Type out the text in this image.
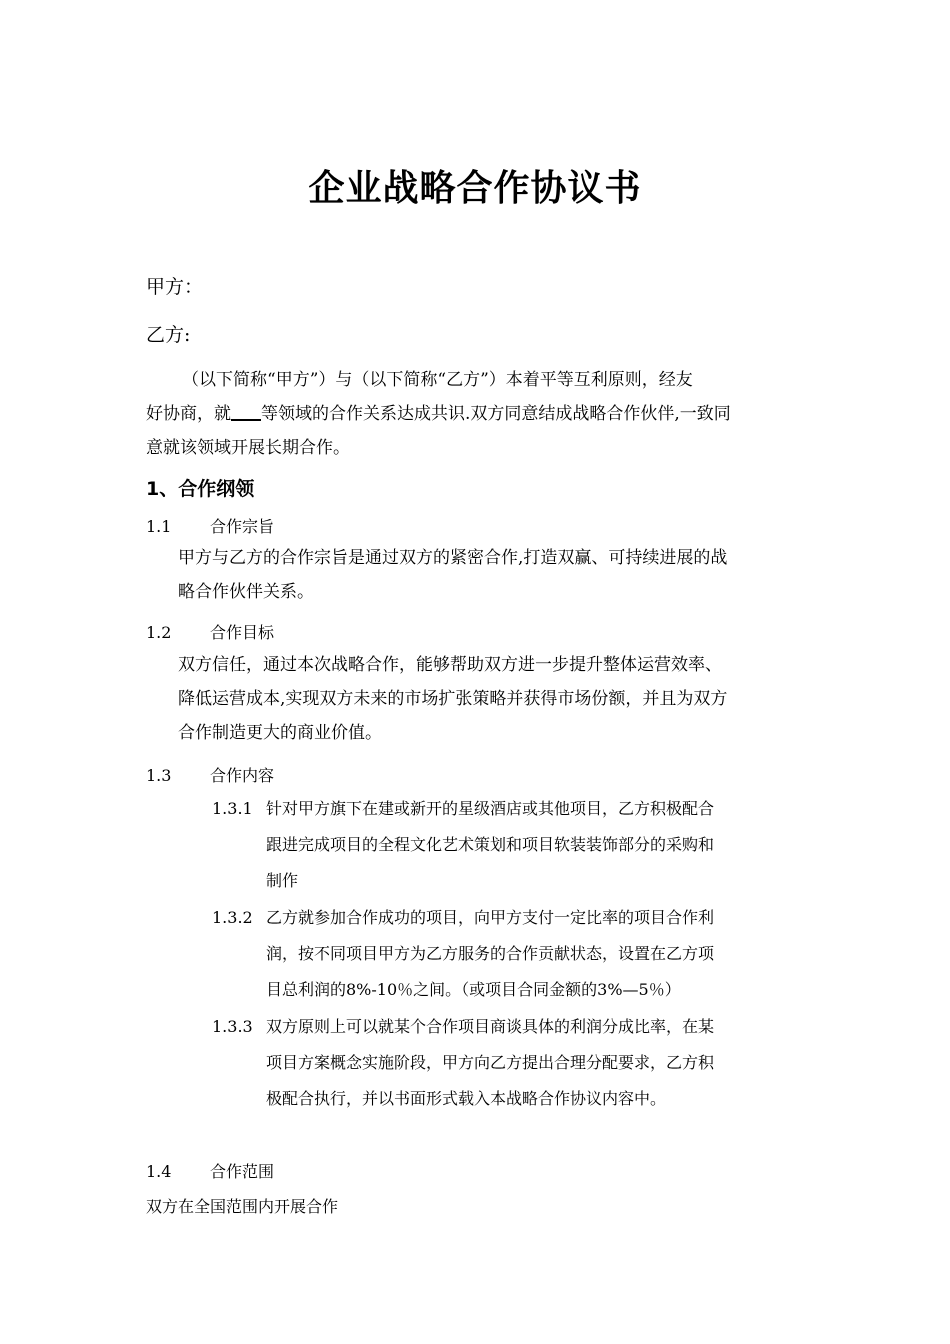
企业战略合作协议书
甲方：
乙方:
（以下简称“甲方”）与（以下简称“乙方”）本着平等互利原则，经友
好协商，就 等领域的合作关系达成共识.双方同意结成战略合作伙伴,一致同
意就该领域开展长期合作。
1、合作纲领
1.1 合作宗旨
甲方与乙方的合作宗旨是通过双方的紧密合作,打造双赢、可持续进展的战
略合作伙伴关系。
1.2 合作目标
双方信任，通过本次战略合作，能够帮助双方进一步提升整体运营效率、
降低运营成本,实现双方未来的市场扩张策略并获得市场份额，并且为双方
合作制造更大的商业价值。
1.3 合作内容
1.3.1 针对甲方旗下在建或新开的星级酒店或其他项目，乙方积极配合
跟进完成项目的全程文化艺术策划和项目软装装饰部分的采购和
制作
1.3.2 乙方就参加合作成功的项目，向甲方支付一定比率的项目合作利
润，按不同项目甲方为乙方服务的合作贡献状态，设置在乙方项
目总利润的8%-10％之间。（或项目合同金额的3%—5％）
1.3.3 双方原则上可以就某个合作项目商谈具体的利润分成比率，在某
项目方案概念实施阶段，甲方向乙方提出合理分配要求，乙方积
极配合执行，并以书面形式载入本战略合作协议内容中。
1.4 合作范围
双方在全国范围内开展合作
